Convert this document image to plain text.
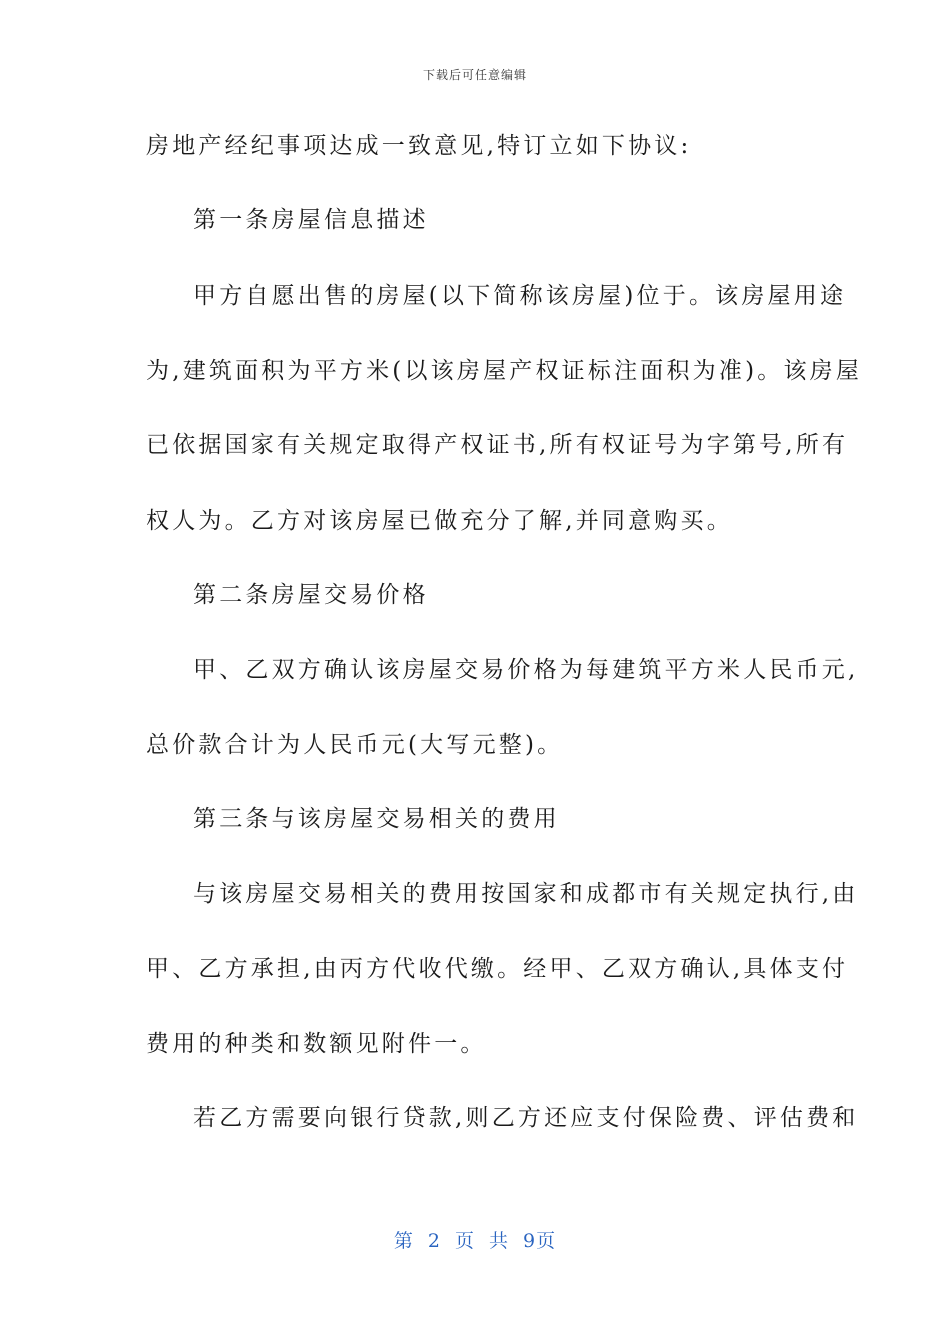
下载后可任意编辑
房地产经纪事项达成一致意见,特订立如下协议:
第一条房屋信息描述
甲方自愿出售的房屋(以下简称该房屋)位于。该房屋用途
为,建筑面积为平方米(以该房屋产权证标注面积为准)。该房屋
已依据国家有关规定取得产权证书,所有权证号为字第号,所有
权人为。乙方对该房屋已做充分了解,并同意购买。
第二条房屋交易价格
甲、乙双方确认该房屋交易价格为每建筑平方米人民币元,
总价款合计为人民币元(大写元整)。
第三条与该房屋交易相关的费用
与该房屋交易相关的费用按国家和成都市有关规定执行,由
甲、乙方承担,由丙方代收代缴。经甲、乙双方确认,具体支付
费用的种类和数额见附件一。
若乙方需要向银行贷款,则乙方还应支付保险费、评估费和
第 2 页 共 9页
